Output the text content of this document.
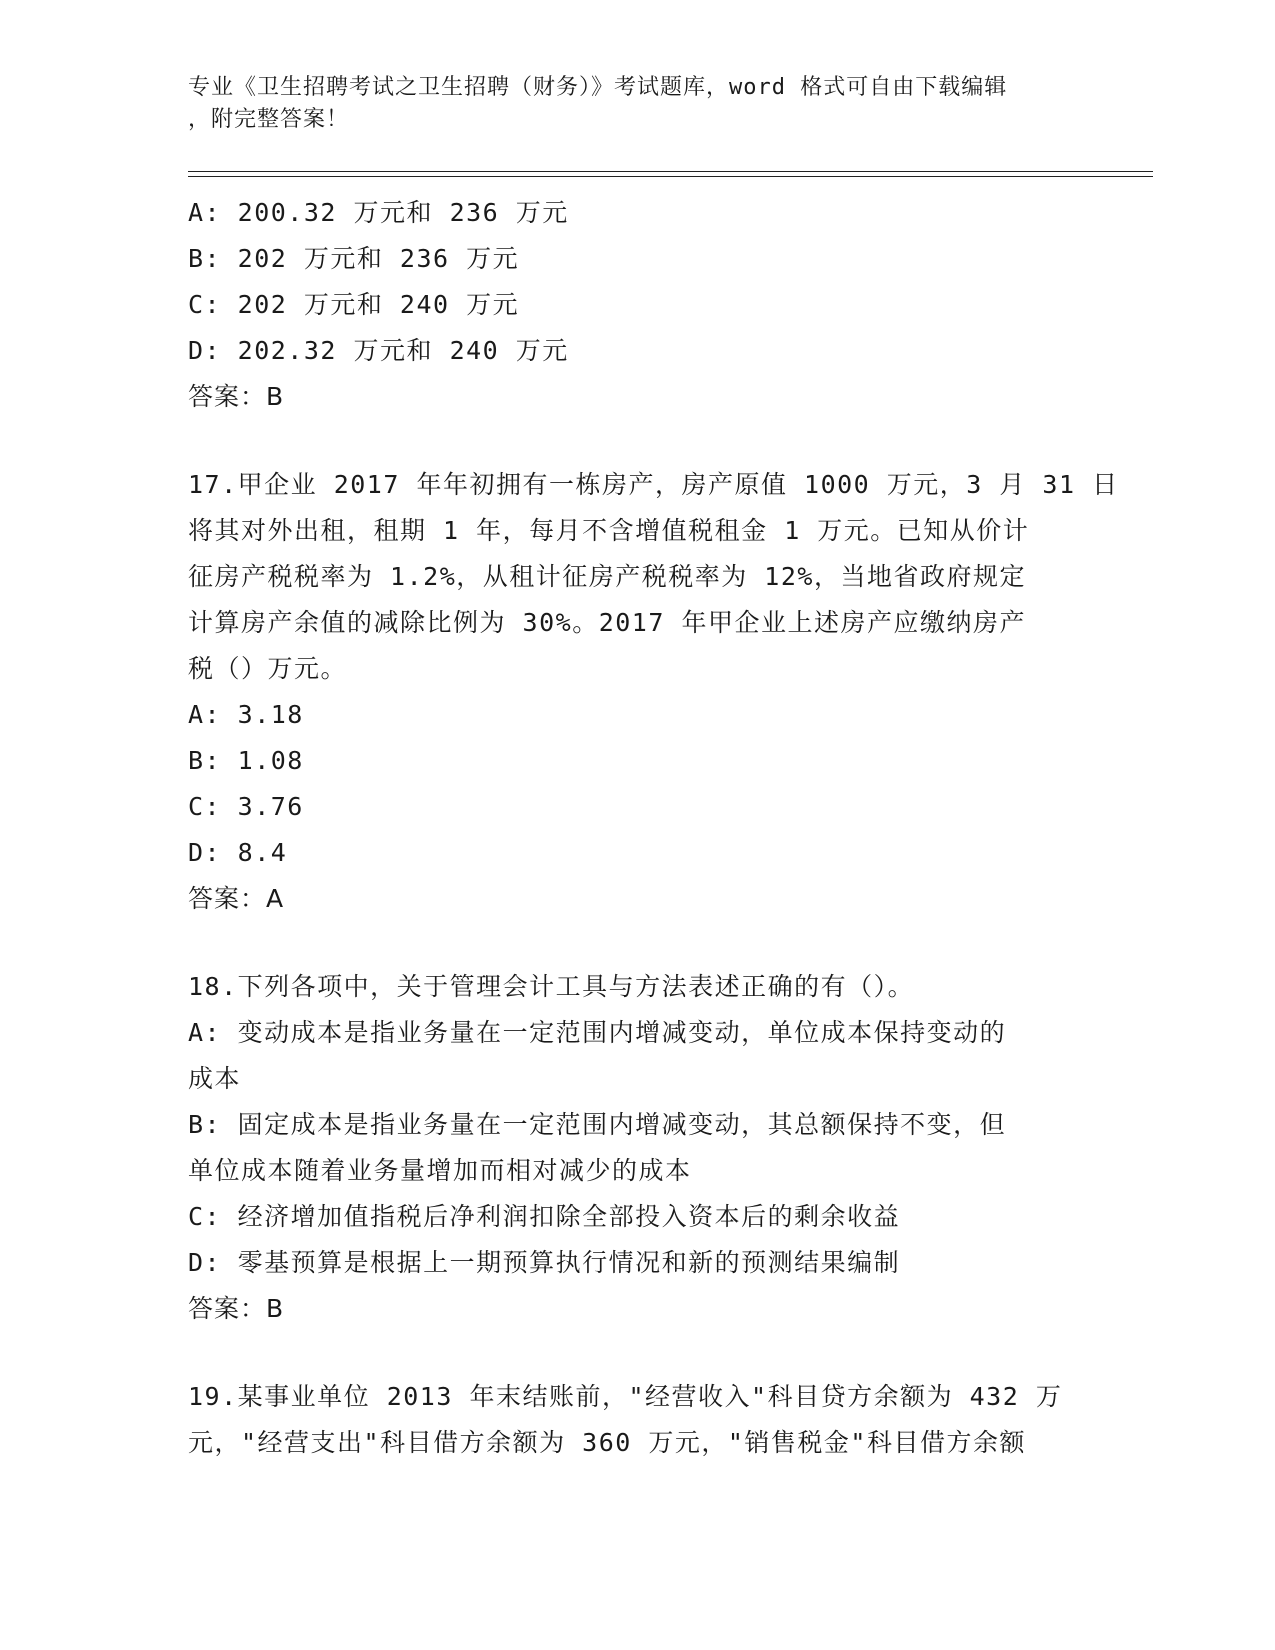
专业《卫生招聘考试之卫生招聘（财务）》考试题库，word 格式可自由下载编辑
，附完整答案！
A: 200.32 万元和 236 万元
B: 202 万元和 236 万元
C: 202 万元和 240 万元
D: 202.32 万元和 240 万元
答案：B
17.甲企业 2017 年年初拥有一栋房产，房产原值 1000 万元，3 月 31 日
将其对外出租，租期 1 年，每月不含增值税租金 1 万元。已知从价计
征房产税税率为 1.2%，从租计征房产税税率为 12%，当地省政府规定
计算房产余值的减除比例为 30%。2017 年甲企业上述房产应缴纳房产
税（）万元。
A: 3.18
B: 1.08
C: 3.76
D: 8.4
答案：A
18.下列各项中，关于管理会计工具与方法表述正确的有（）。
A: 变动成本是指业务量在一定范围内增减变动，单位成本保持变动的
成本
B: 固定成本是指业务量在一定范围内增减变动，其总额保持不变，但
单位成本随着业务量增加而相对减少的成本
C: 经济增加值指税后净利润扣除全部投入资本后的剩余收益
D: 零基预算是根据上一期预算执行情况和新的预测结果编制
答案：B
19.某事业单位 2013 年末结账前，"经营收入"科目贷方余额为 432 万
元，"经营支出"科目借方余额为 360 万元，"销售税金"科目借方余额
